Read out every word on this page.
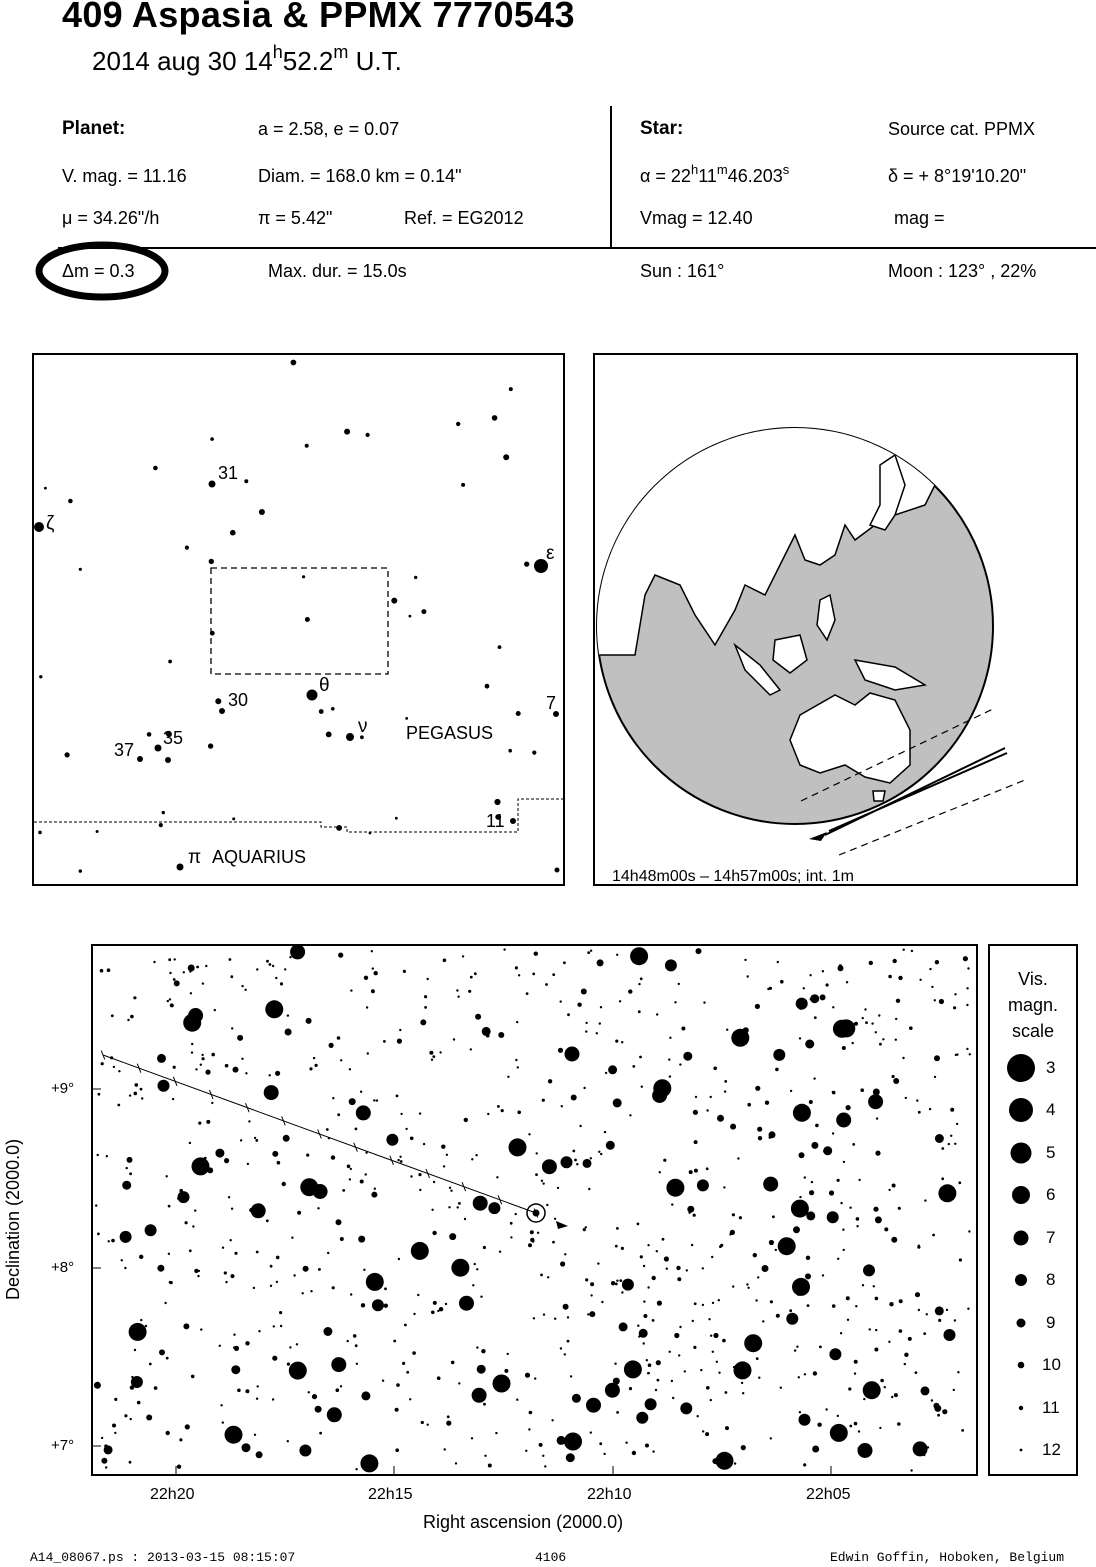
409 Aspasia & PPMX 7770543
2014 aug 30 14$^h$52.2$^m$ U.T.
Planet:	a = 2.58, e = 0.07
V. mag. = 11.16	Diam. = 168.0 km = 0.14"
μ = 34.26"/h	π = 5.42"	Ref. = EG2012
Star:	Source cat. PPMX
$\alpha = 22^h11^m46.203^s$	δ = + 8°19'10.20"
Vmag = 12.40	mag =
Δm = 0.3	Max. dur. = 15.0s	Sun : 161°	Moon : 123° , 22%
ζ
ε
θ
ν
π
31
30
37
35
7
11
PEGASUS
AQUARIUS
14h48m00s – 14h57m00s; int. 1m
Declination (2000.0)
+9°
+8°
+7°
22h20	22h15	22h10	22h05
Right ascension (2000.0)
Vis.
magn.
scale
3
4
5
6
7
8
9
10
11
12
A14_08067.ps : 2013-03-15 08:15:07	4106	Edwin Goffin, Hoboken, Belgium
